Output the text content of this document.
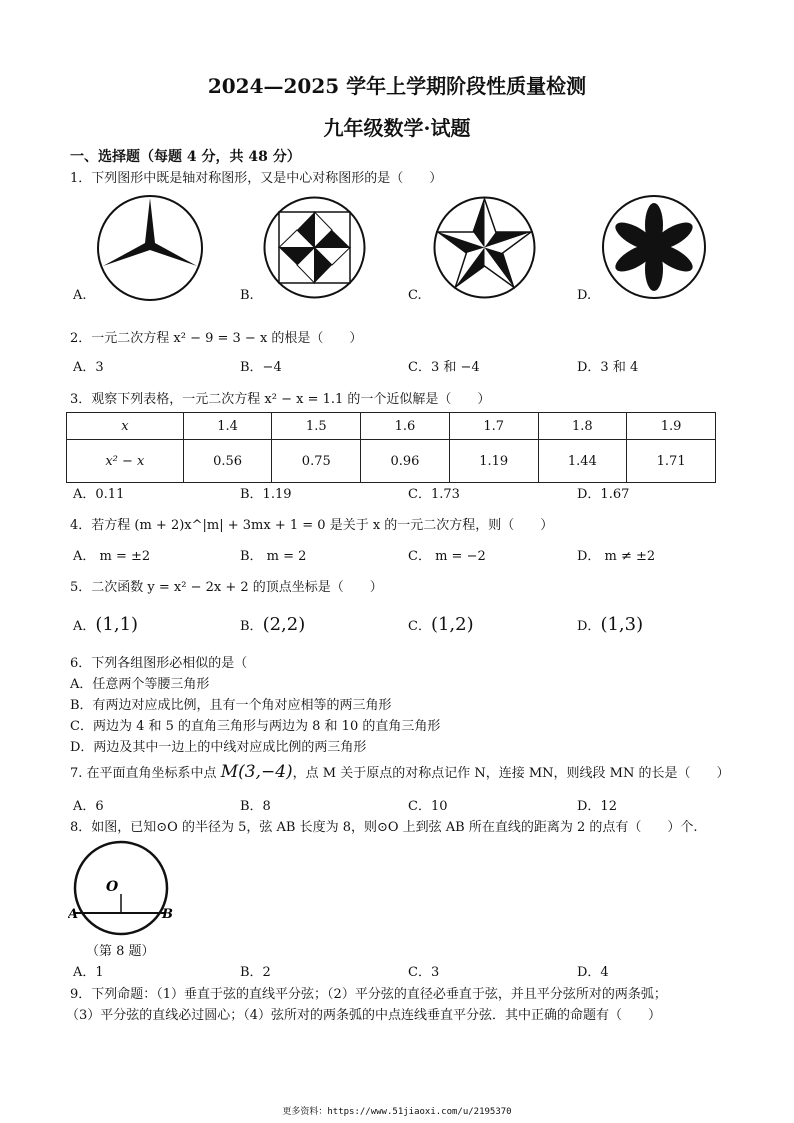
2024—2025 学年上学期阶段性质量检测
九年级数学·试题
一、选择题（每题 4 分，共 48 分）
1．下列图形中既是轴对称图形，又是中心对称图形的是（　　）
A.	B.	C.	D.
2．一元二次方程 x² − 9 = 3 − x 的根是（　　）
A．3	B．−4	C．3 和 −4	D．3 和 4
3．观察下列表格，一元二次方程 x² − x = 1.1 的一个近似解是（　　）
x	1.4	1.5	1.6	1.7	1.8	1.9
x² − x	0.56	0.75	0.96	1.19	1.44	1.71
A．0.11	B．1.19	C．1.73	D．1.67
4．若方程 (m + 2)x^|m| + 3mx + 1 = 0 是关于 x 的一元二次方程，则（　　）
A． m = ±2	B． m = 2	C． m = −2	D． m ≠ ±2
5．二次函数 y = x² − 2x + 2 的顶点坐标是（　　）
A．(1,1)	B．(2,2)	C．(1,2)	D．(1,3)
6．下列各组图形必相似的是（
A．任意两个等腰三角形
B．有两边对应成比例，且有一个角对应相等的两三角形
C．两边为 4 和 5 的直角三角形与两边为 8 和 10 的直角三角形
D．两边及其中一边上的中线对应成比例的两三角形
7. 在平面直角坐标系中点 M(3,−4)，点 M 关于原点的对称点记作 N，连接 MN，则线段 MN 的长是（　　）
A．6	B．8	C．10	D．12
8．如图，已知⊙O 的半径为 5，弦 AB 长度为 8，则⊙O 上到弦 AB 所在直线的距离为 2 的点有（　　）个.
O
A	B
（第 8 题）
A．1	B．2	C．3	D．4
9．下列命题：（1）垂直于弦的直线平分弦；（2）平分弦的直径必垂直于弦，并且平分弦所对的两条弧；
（3）平分弦的直线必过圆心；（4）弦所对的两条弧的中点连线垂直平分弦．其中正确的命题有（　　）
更多资料：https://www.51jiaoxi.com/u/2195370
